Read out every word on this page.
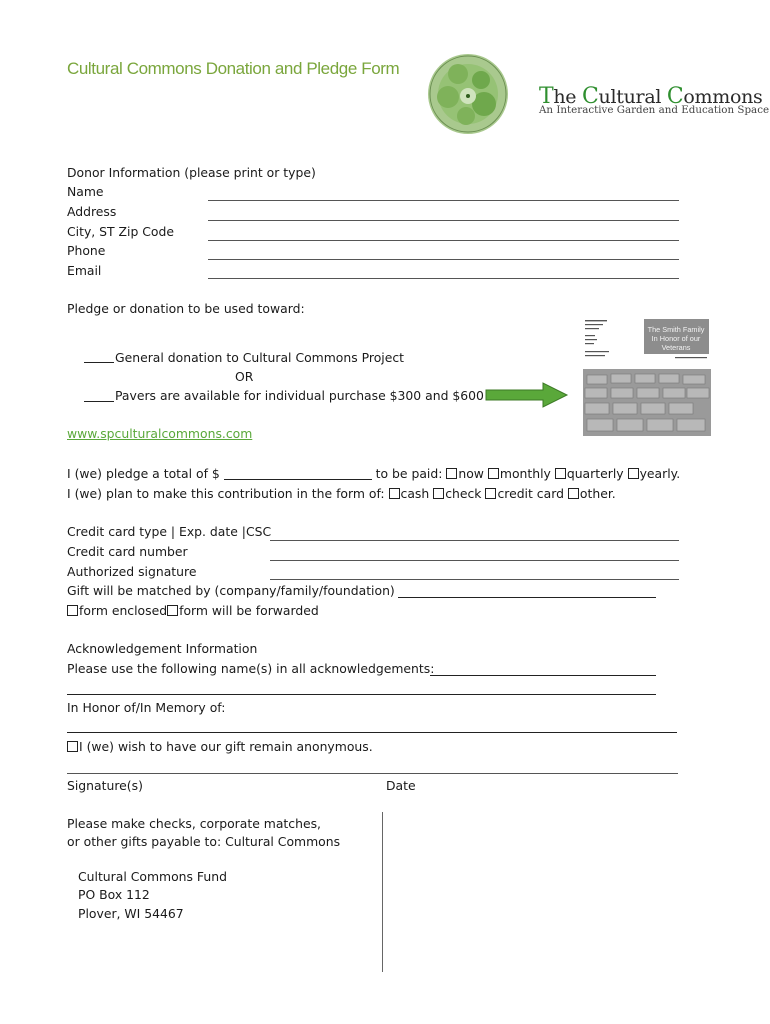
Cultural Commons Donation and Pledge Form
The Cultural Commons
An Interactive Garden and Education Space
Donor Information (please print or type)
Name
Address
City, ST Zip Code
Phone
Email
Pledge or donation to be used toward:
General donation to Cultural Commons Project
OR
Pavers are available for individual purchase $300 and $600
The Smith Family In Honor of our Veterans
www.spculturalcommons.com
I (we) pledge a total of $	to be paid: now monthly quarterly yearly.
I (we) plan to make this contribution in the form of: cash check credit card other.
Credit card type | Exp. date |CSC
Credit card number
Authorized signature
Gift will be matched by (company/family/foundation)
form enclosed form will be forwarded
Acknowledgement Information
Please use the following name(s) in all acknowledgements:
In Honor of/In Memory of:
I (we) wish to have our gift remain anonymous.
Signature(s)	Date
Please make checks, corporate matches,
or other gifts payable to: Cultural Commons
Cultural Commons Fund
PO Box 112
Plover, WI 54467
